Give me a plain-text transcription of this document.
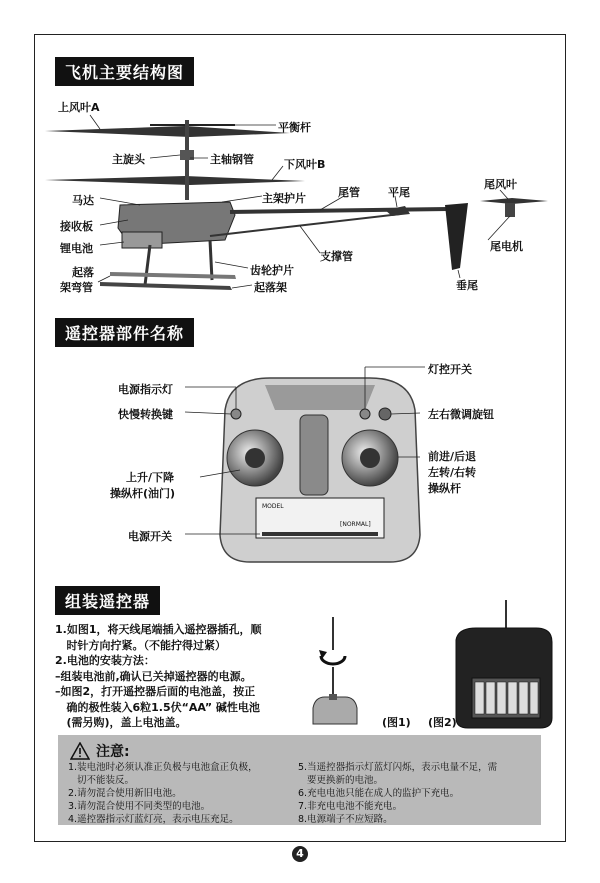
飞机主要结构图
上风叶A
平衡杆
主旋头	主轴钢管	下风叶B
马达	主架护片	尾管	平尾
尾风叶
接收板
锂电池	尾电机
支撑管
起落
架弯管
齿轮护片
起落架	垂尾
遥控器部件名称
电源指示灯
灯控开关
快慢转换键	左右微调旋钮
上升/下降
操纵杆(油门)
前进/后退
左转/右转
操纵杆
电源开关
MODEL
[NORMAL]
组装遥控器
1.如图1，将天线尾端插入遥控器插孔，顺
时针方向拧紧。（不能拧得过紧）
2.电池的安装方法：
–组装电池前,确认已关掉遥控器的电源。
–如图2，打开遥控器后面的电池盖，按正
确的极性装入6粒1.5伏“AA” 碱性电池
(需另购)，盖上电池盖。	(图1) (图2)
注意:
1.装电池时必须认准正负极与电池盒正负极，
切不能装反。
2.请勿混合使用新旧电池。
3.请勿混合使用不同类型的电池。
4.遥控器指示灯蓝灯亮，表示电压充足。
5.当遥控器指示灯蓝灯闪烁，表示电量不足，需
要更换新的电池。
6.充电电池只能在成人的监护下充电。
7.非充电电池不能充电。
8.电源端子不应短路。
4
